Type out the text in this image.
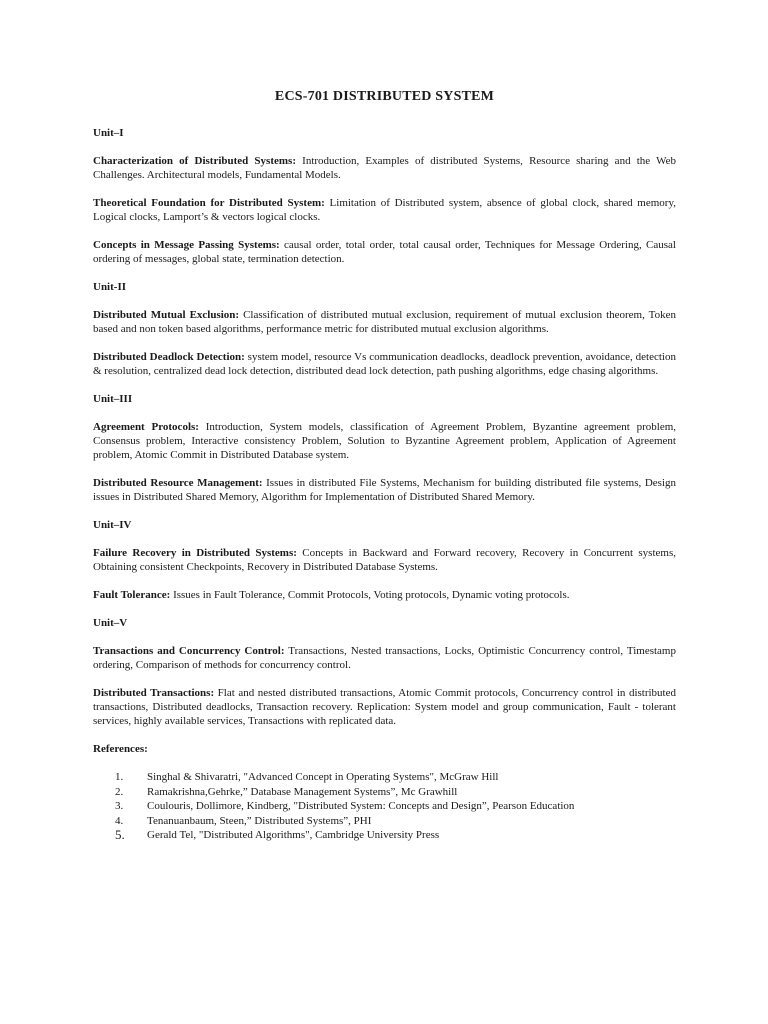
ECS-701 DISTRIBUTED SYSTEM
Unit–I

Characterization of Distributed Systems: Introduction, Examples of distributed Systems, Resource sharing and the Web Challenges. Architectural models, Fundamental Models.

Theoretical Foundation for Distributed System: Limitation of Distributed system, absence of global clock, shared memory, Logical clocks, Lamport’s & vectors logical clocks.

Concepts in Message Passing Systems: causal order, total order, total causal order, Techniques for Message Ordering, Causal ordering of messages, global state, termination detection.

Unit-II

Distributed Mutual Exclusion: Classification of distributed mutual exclusion, requirement of mutual exclusion theorem, Token based and non token based algorithms, performance metric for distributed mutual exclusion algorithms.

Distributed Deadlock Detection: system model, resource Vs communication deadlocks, deadlock prevention, avoidance, detection & resolution, centralized dead lock detection, distributed dead lock detection, path pushing algorithms, edge chasing algorithms.

Unit–III

Agreement Protocols: Introduction, System models, classification of Agreement Problem, Byzantine agreement problem, Consensus problem, Interactive consistency Problem, Solution to Byzantine Agreement problem, Application of Agreement problem, Atomic Commit in Distributed Database system.

Distributed Resource Management: Issues in distributed File Systems, Mechanism for building distributed file systems, Design issues in Distributed Shared Memory, Algorithm for Implementation of Distributed Shared Memory.

Unit–IV

Failure Recovery in Distributed Systems: Concepts in Backward and Forward recovery, Recovery in Concurrent systems, Obtaining consistent Checkpoints, Recovery in Distributed Database Systems.

Fault Tolerance: Issues in Fault Tolerance, Commit Protocols, Voting protocols, Dynamic voting protocols.

Unit–V

Transactions and Concurrency Control: Transactions, Nested transactions, Locks, Optimistic Concurrency control, Timestamp ordering, Comparison of methods for concurrency control.

Distributed Transactions: Flat and nested distributed transactions, Atomic Commit protocols, Concurrency control in distributed transactions, Distributed deadlocks, Transaction recovery. Replication: System model and group communication, Fault - tolerant services, highly available services, Transactions with replicated data.

References:
1.	Singhal & Shivaratri, "Advanced Concept in Operating Systems", McGraw Hill
2.	Ramakrishna,Gehrke,” Database Management Systems”, Mc Grawhill
3.	Coulouris, Dollimore, Kindberg, "Distributed System: Concepts and Design”, Pearson Education
4.	Tenanuanbaum, Steen,” Distributed Systems”, PHI
5.	Gerald Tel, "Distributed Algorithms", Cambridge University Press
